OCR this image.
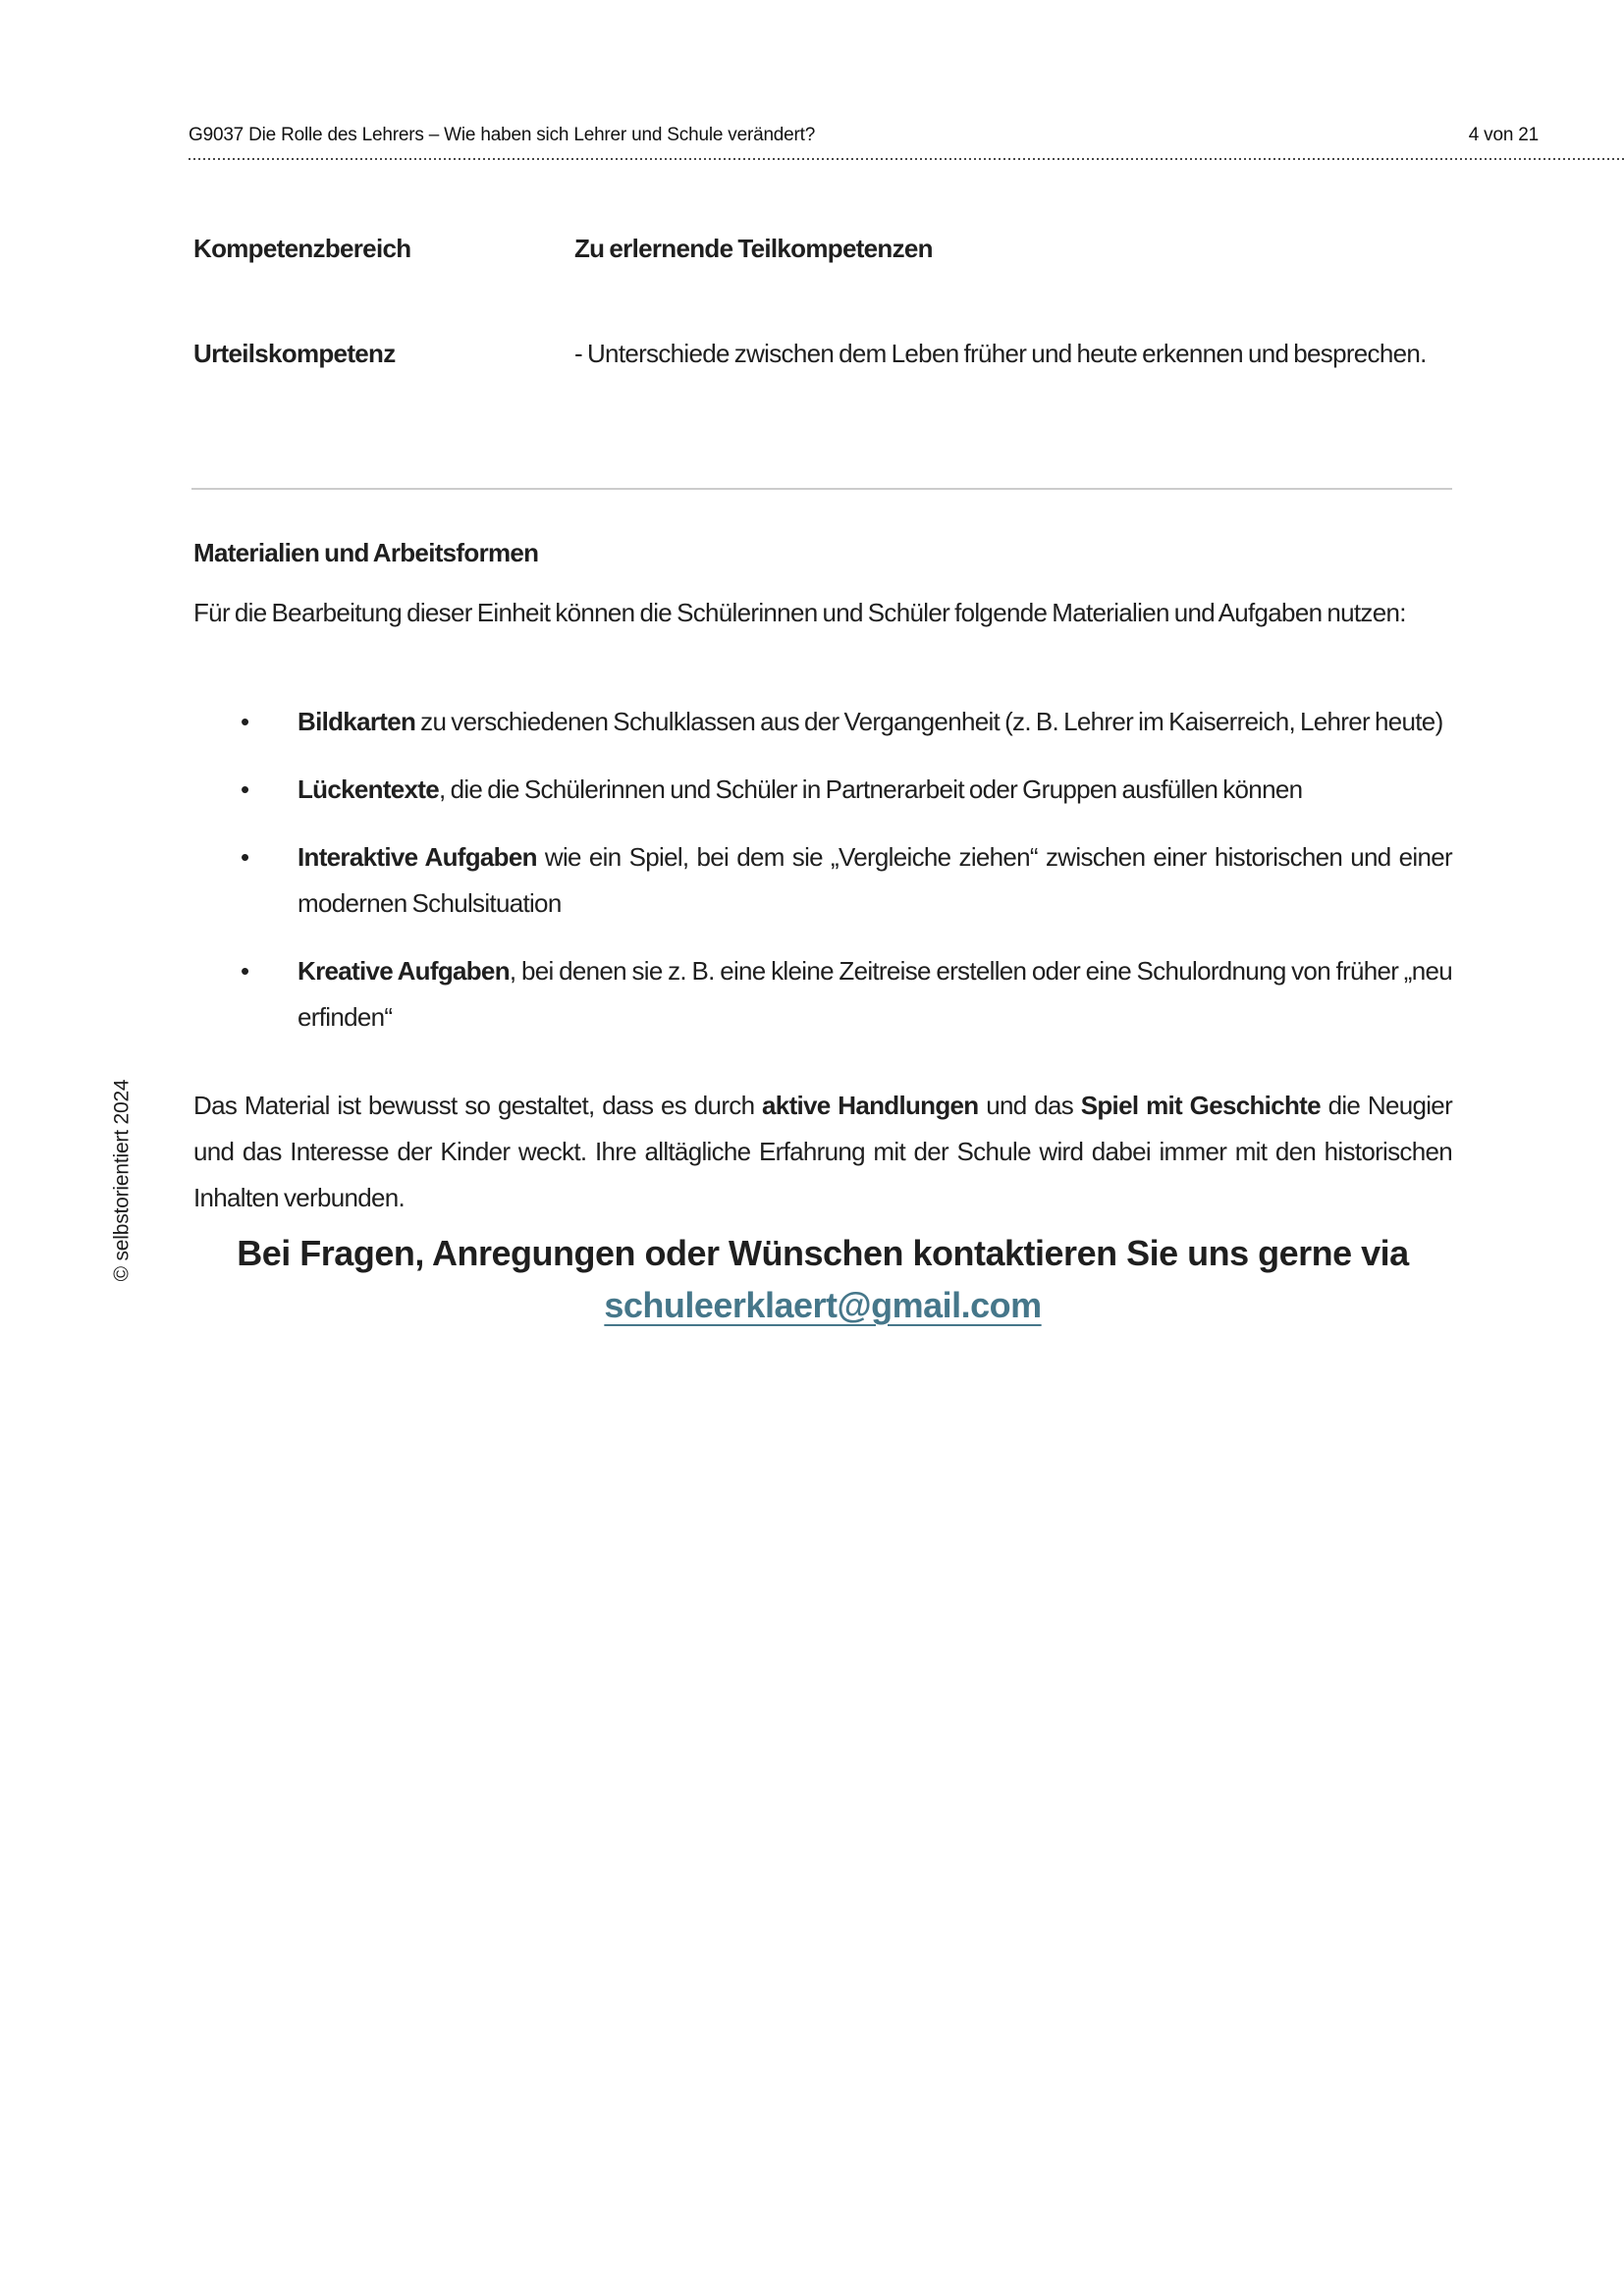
G9037 Die Rolle des Lehrers – Wie haben sich Lehrer und Schule verändert?	4 von 21
Kompetenzbereich	Zu erlernende Teilkompetenzen
Urteilskompetenz	- Unterschiede zwischen dem Leben früher und heute erkennen und besprechen.
Materialien und Arbeitsformen

Für die Bearbeitung dieser Einheit können die Schülerinnen und Schüler folgende Materialien und Aufgaben nutzen:

•	Bildkarten zu verschiedenen Schulklassen aus der Vergangenheit (z. B. Lehrer im Kaiserreich, Lehrer heute)
•	Lückentexte, die die Schülerinnen und Schüler in Partnerarbeit oder Gruppen ausfüllen können
•	Interaktive Aufgaben wie ein Spiel, bei dem sie „Vergleiche ziehen“ zwischen einer historischen und einer modernen Schulsituation
•	Kreative Aufgaben, bei denen sie z. B. eine kleine Zeitreise erstellen oder eine Schulordnung von früher „neu erfinden“

Das Material ist bewusst so gestaltet, dass es durch aktive Handlungen und das Spiel mit Geschichte die Neugier und das Interesse der Kinder weckt. Ihre alltägliche Erfahrung mit der Schule wird dabei immer mit den historischen Inhalten verbunden.

Bei Fragen, Anregungen oder Wünschen kontaktieren Sie uns gerne via
schuleerklaert@gmail.com
© selbstorientiert 2024
